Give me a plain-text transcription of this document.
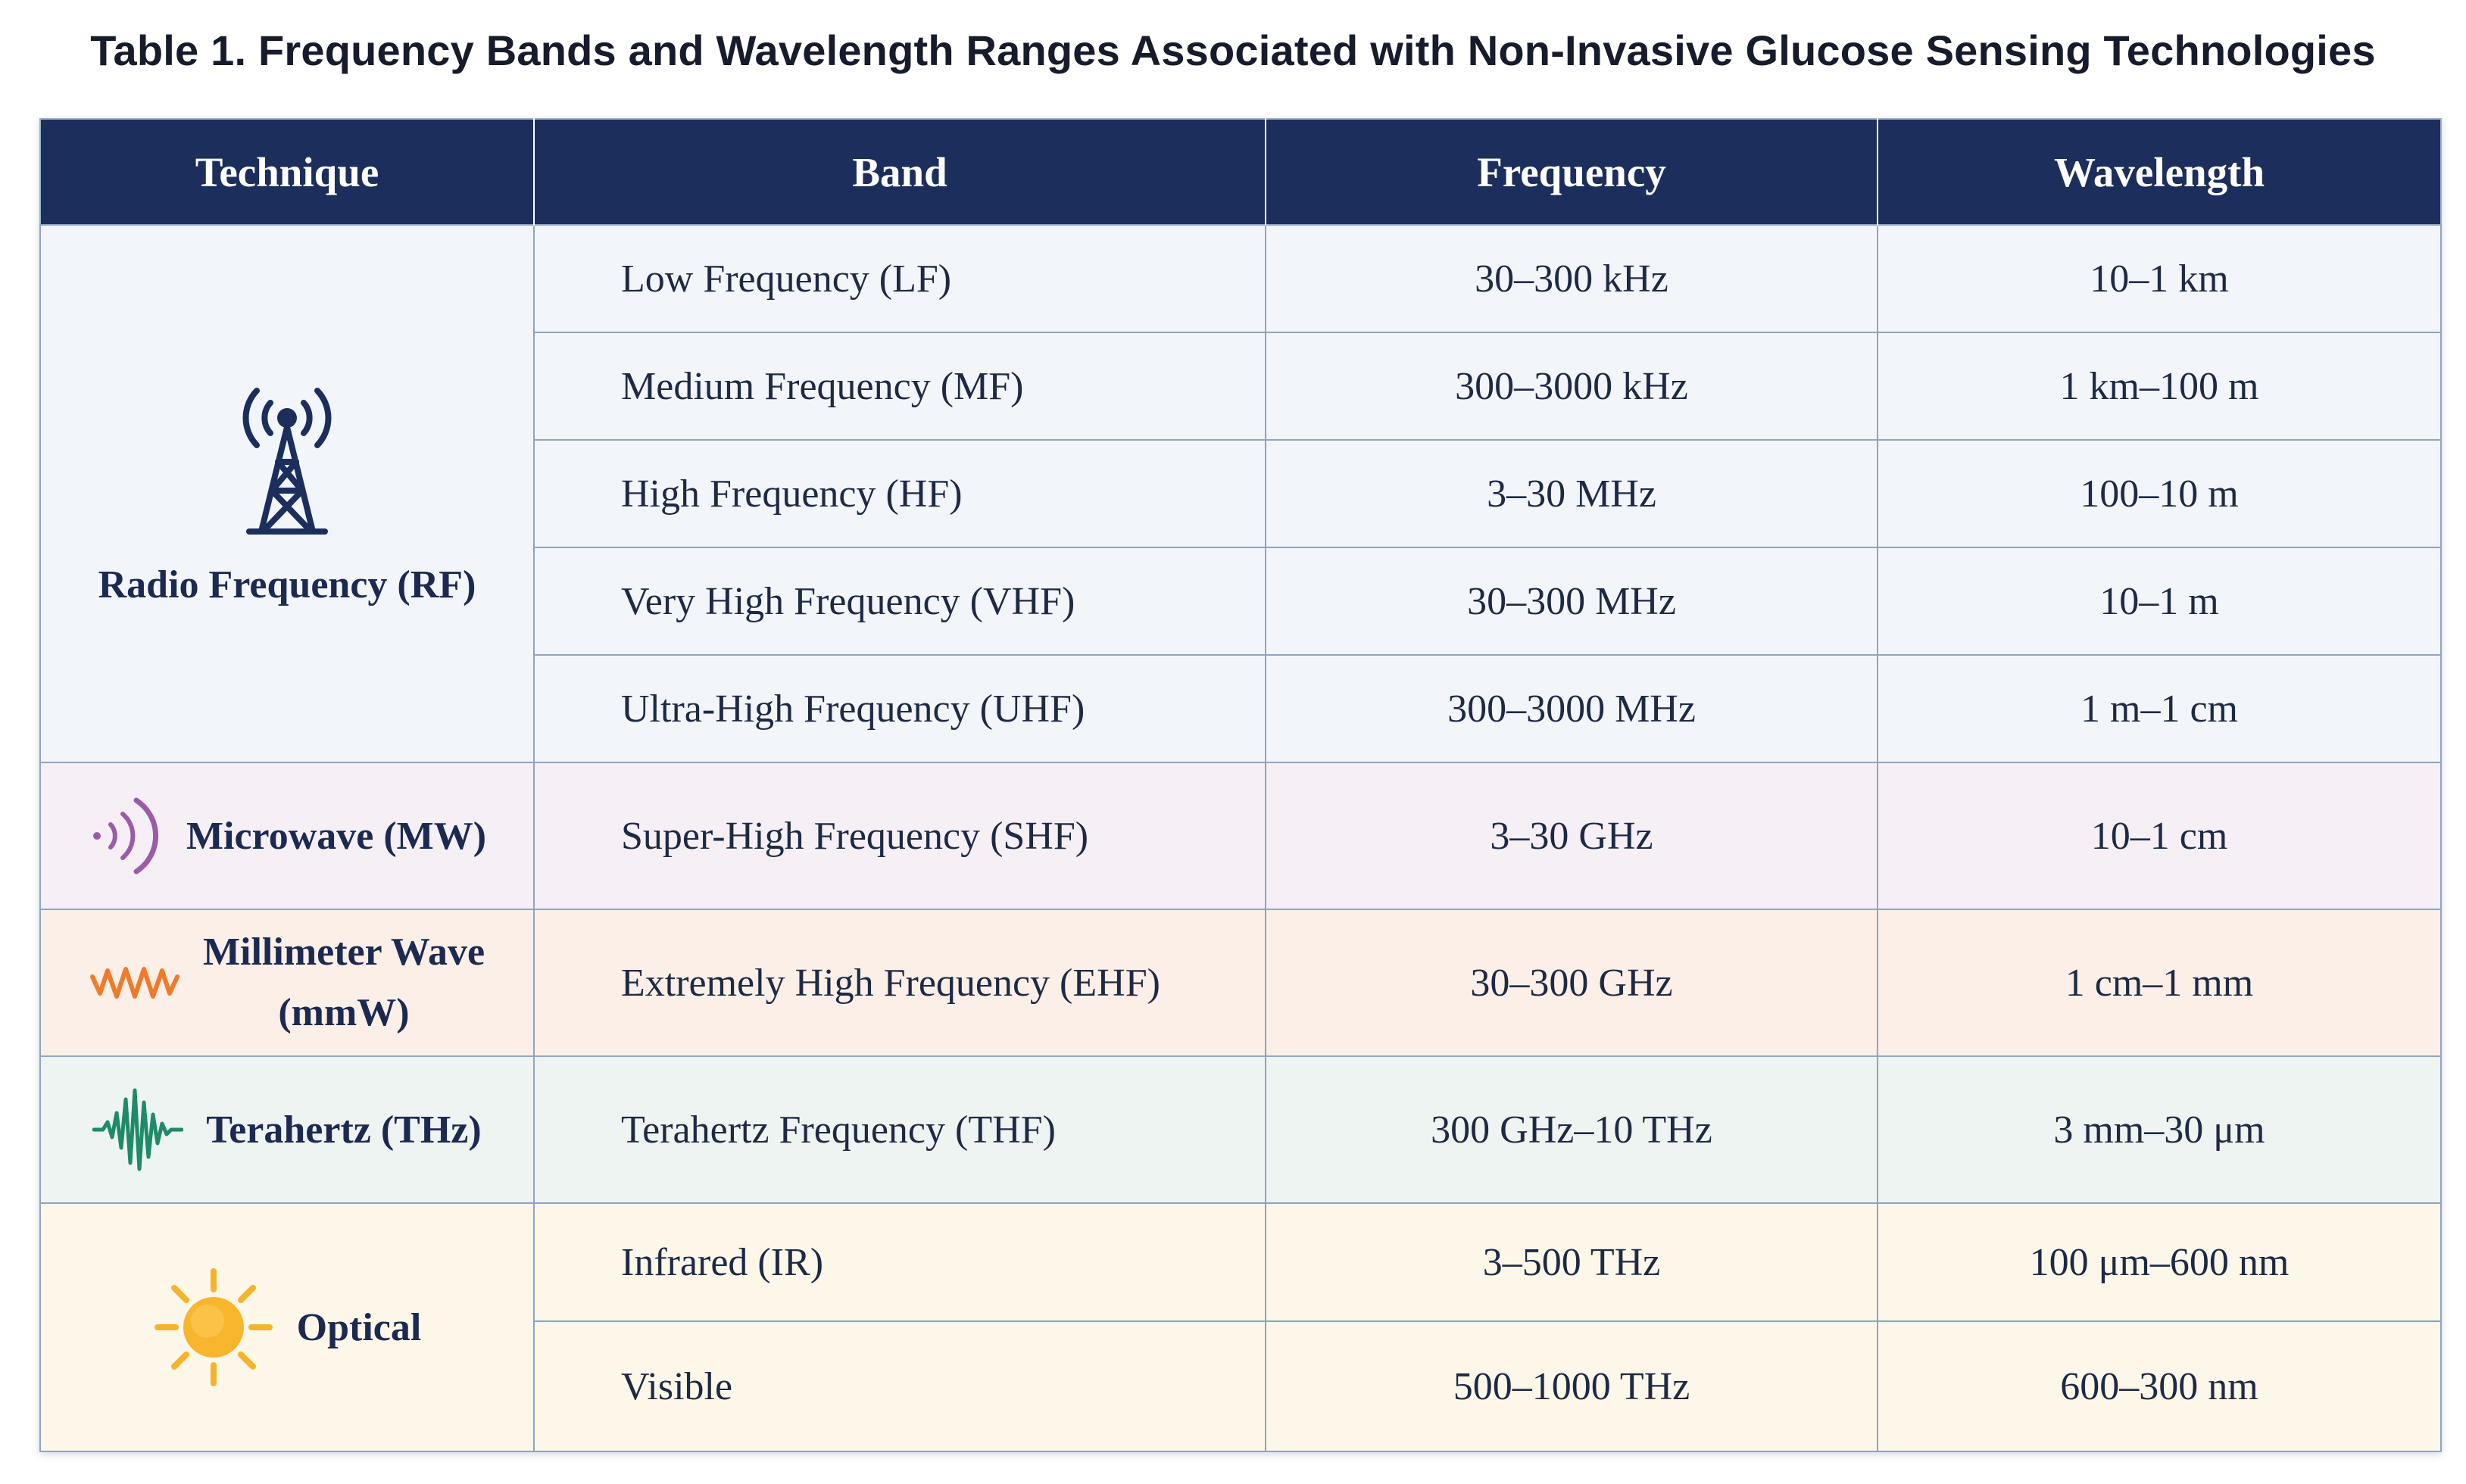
Table 1. Frequency Bands and Wavelength Ranges Associated with Non-Invasive Glucose Sensing Technologies
Technique	Band	Frequency	Wavelength

Radio Frequency (RF)	Low Frequency (LF)	30–300 kHz	10–1 km
	Medium Frequency (MF)	300–3000 kHz	1 km–100 m
	High Frequency (HF)	3–30 MHz	100–10 m
	Very High Frequency (VHF)	30–300 MHz	10–1 m
	Ultra-High Frequency (UHF)	300–3000 MHz	1 m–1 cm

Microwave (MW)	Super-High Frequency (SHF)	3–30 GHz	10–1 cm

Millimeter Wave
(mmW)	Extremely High Frequency (EHF)	30–300 GHz	1 cm–1 mm

Terahertz (THz)	Terahertz Frequency (THF)	300 GHz–10 THz	3 mm–30 μm

Optical	Infrared (IR)	3–500 THz	100 μm–600 nm
	Visible	500–1000 THz	600–300 nm
